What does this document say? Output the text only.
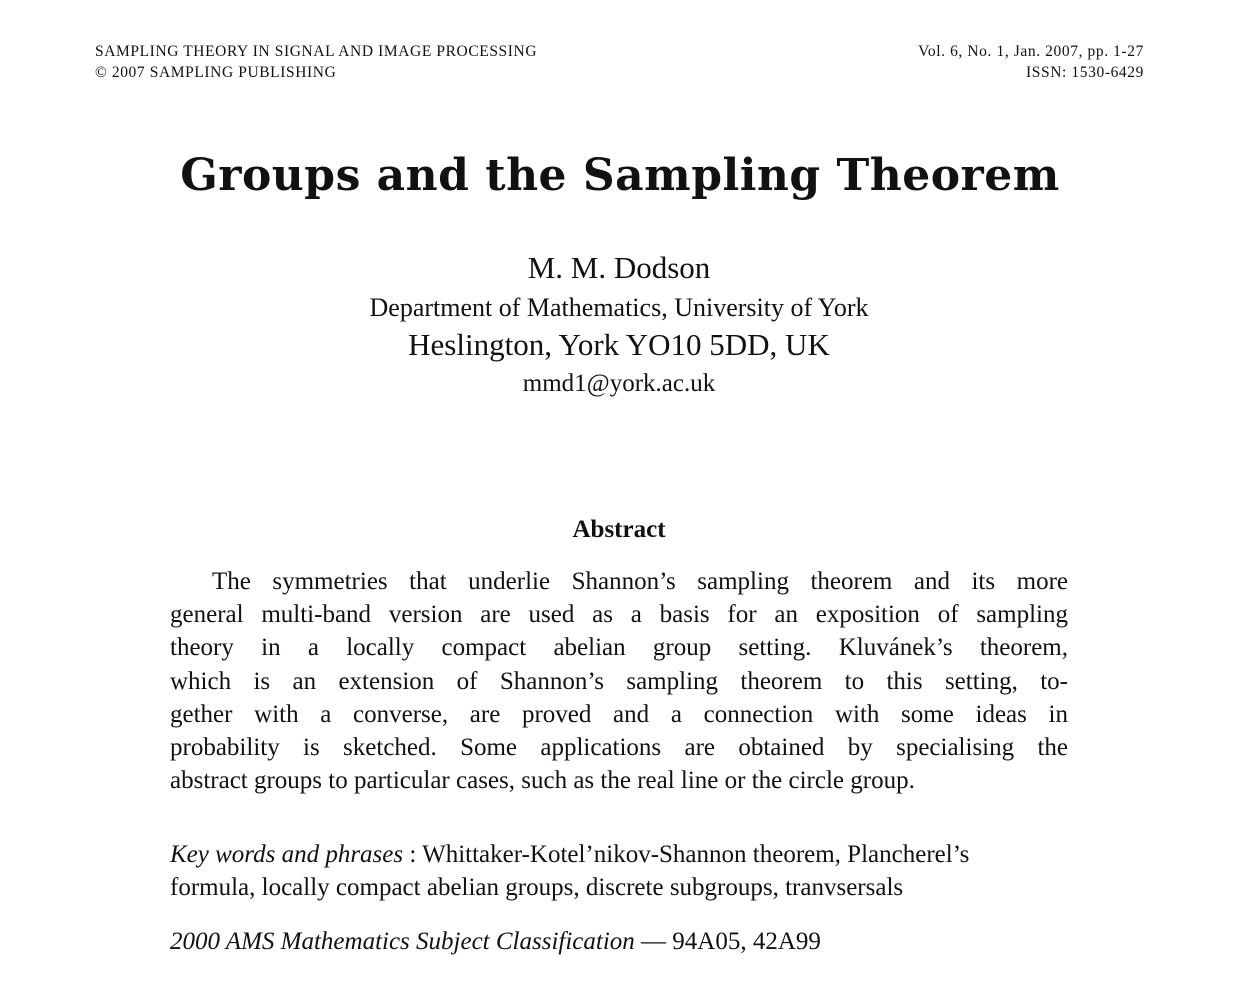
SAMPLING THEORY IN SIGNAL AND IMAGE PROCESSING
© 2007 SAMPLING PUBLISHING
Vol. 6, No. 1, Jan. 2007, pp. 1-27
ISSN: 1530-6429
Groups and the Sampling Theorem
M. M. Dodson
Department of Mathematics, University of York
Heslington, York YO10 5DD, UK
mmd1@york.ac.uk
Abstract
The symmetries that underlie Shannon’s sampling theorem and its more
general multi-band version are used as a basis for an exposition of sampling
theory in a locally compact abelian group setting. Kluvánek’s theorem,
which is an extension of Shannon’s sampling theorem to this setting, to-
gether with a converse, are proved and a connection with some ideas in
probability is sketched. Some applications are obtained by specialising the
abstract groups to particular cases, such as the real line or the circle group.
Key words and phrases : Whittaker-Kotel’nikov-Shannon theorem, Plancherel’s
formula, locally compact abelian groups, discrete subgroups, tranvsersals
2000 AMS Mathematics Subject Classification — 94A05, 42A99
